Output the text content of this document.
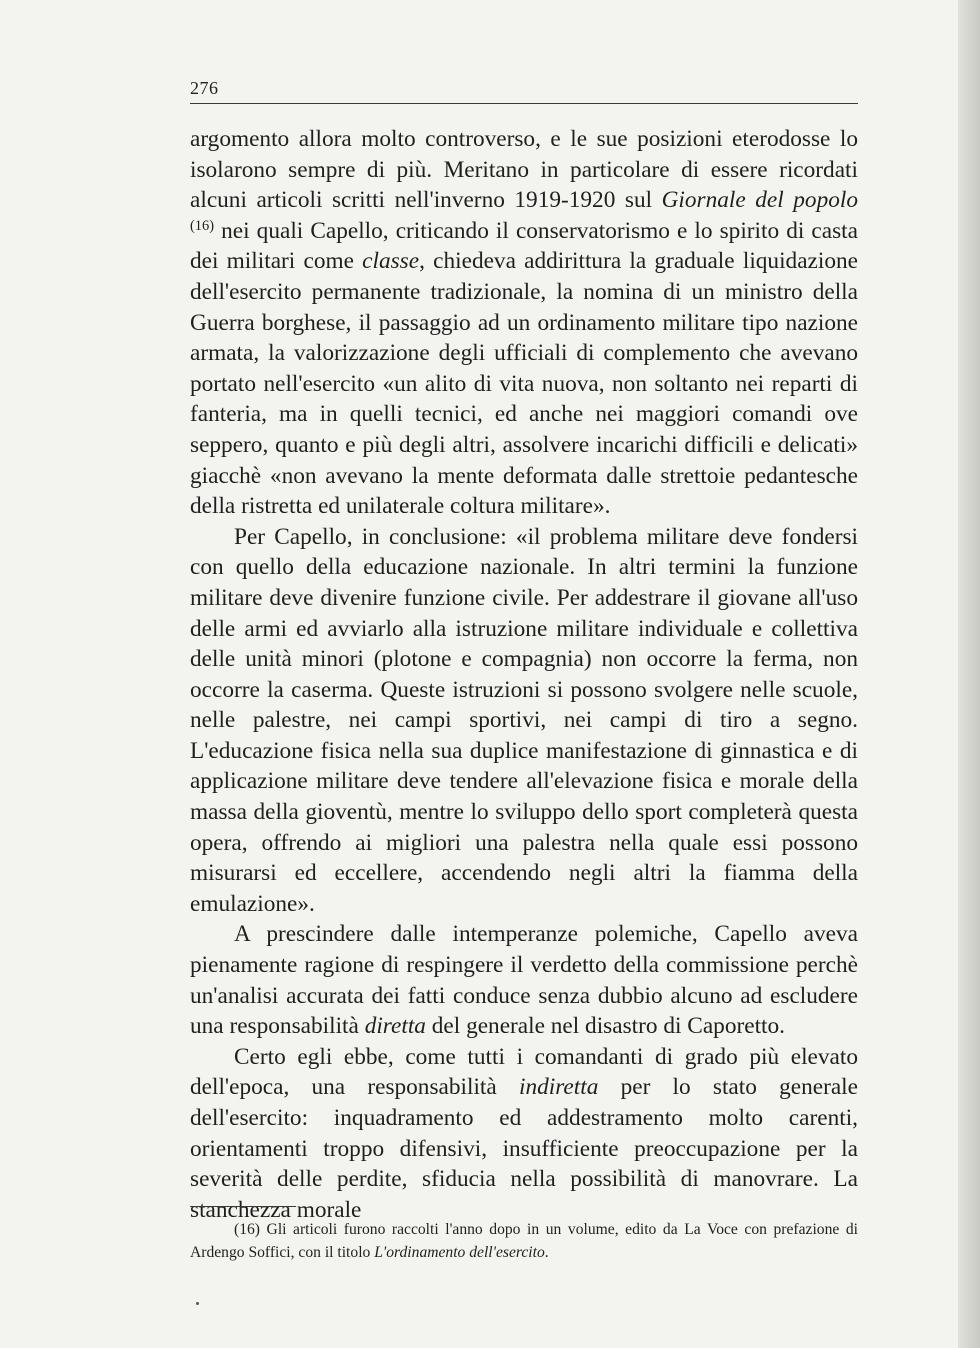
276

argomento allora molto controverso, e le sue posizioni eterodosse lo isolarono sempre di più. Meritano in particolare di essere ricordati alcuni articoli scritti nell'inverno 1919-1920 sul Giornale del popolo $^{(16)}$ nei quali Capello, criticando il conservatorismo e lo spirito di casta dei militari come classe, chiedeva addirittura la graduale liquidazione dell'esercito permanente tradizionale, la nomina di un ministro della Guerra borghese, il passaggio ad un ordinamento militare tipo nazione armata, la valorizzazione degli ufficiali di complemento che avevano portato nell'esercito «un alito di vita nuova, non soltanto nei reparti di fanteria, ma in quelli tecnici, ed anche nei maggiori comandi ove seppero, quanto e più degli altri, assolvere incarichi difficili e delicati» giacchè «non avevano la mente deformata dalle strettoie pedantesche della ristretta ed unilaterale coltura militare».

Per Capello, in conclusione: «il problema militare deve fondersi con quello della educazione nazionale. In altri termini la funzione militare deve divenire funzione civile. Per addestrare il giovane all'uso delle armi ed avviarlo alla istruzione militare individuale e collettiva delle unità minori (plotone e compagnia) non occorre la ferma, non occorre la caserma. Queste istruzioni si possono svolgere nelle scuole, nelle palestre, nei campi sportivi, nei campi di tiro a segno. L'educazione fisica nella sua duplice manifestazione di ginnastica e di applicazione militare deve tendere all'elevazione fisica e morale della massa della gioventù, mentre lo sviluppo dello sport completerà questa opera, offrendo ai migliori una palestra nella quale essi possono misurarsi ed eccellere, accendendo negli altri la fiamma della emulazione».

A prescindere dalle intemperanze polemiche, Capello aveva pienamente ragione di respingere il verdetto della commissione perchè un'analisi accurata dei fatti conduce senza dubbio alcuno ad escludere una responsabilità diretta del generale nel disastro di Caporetto.

Certo egli ebbe, come tutti i comandanti di grado più elevato dell'epoca, una responsabilità indiretta per lo stato generale dell'esercito: inquadramento ed addestramento molto carenti, orientamenti troppo difensivi, insufficiente preoccupazione per la severità delle perdite, sfiducia nella possibilità di manovrare. La stanchezza morale

(16) Gli articoli furono raccolti l'anno dopo in un volume, edito da La Voce con prefazione di Ardengo Soffici, con il titolo L'ordinamento dell'esercito.
